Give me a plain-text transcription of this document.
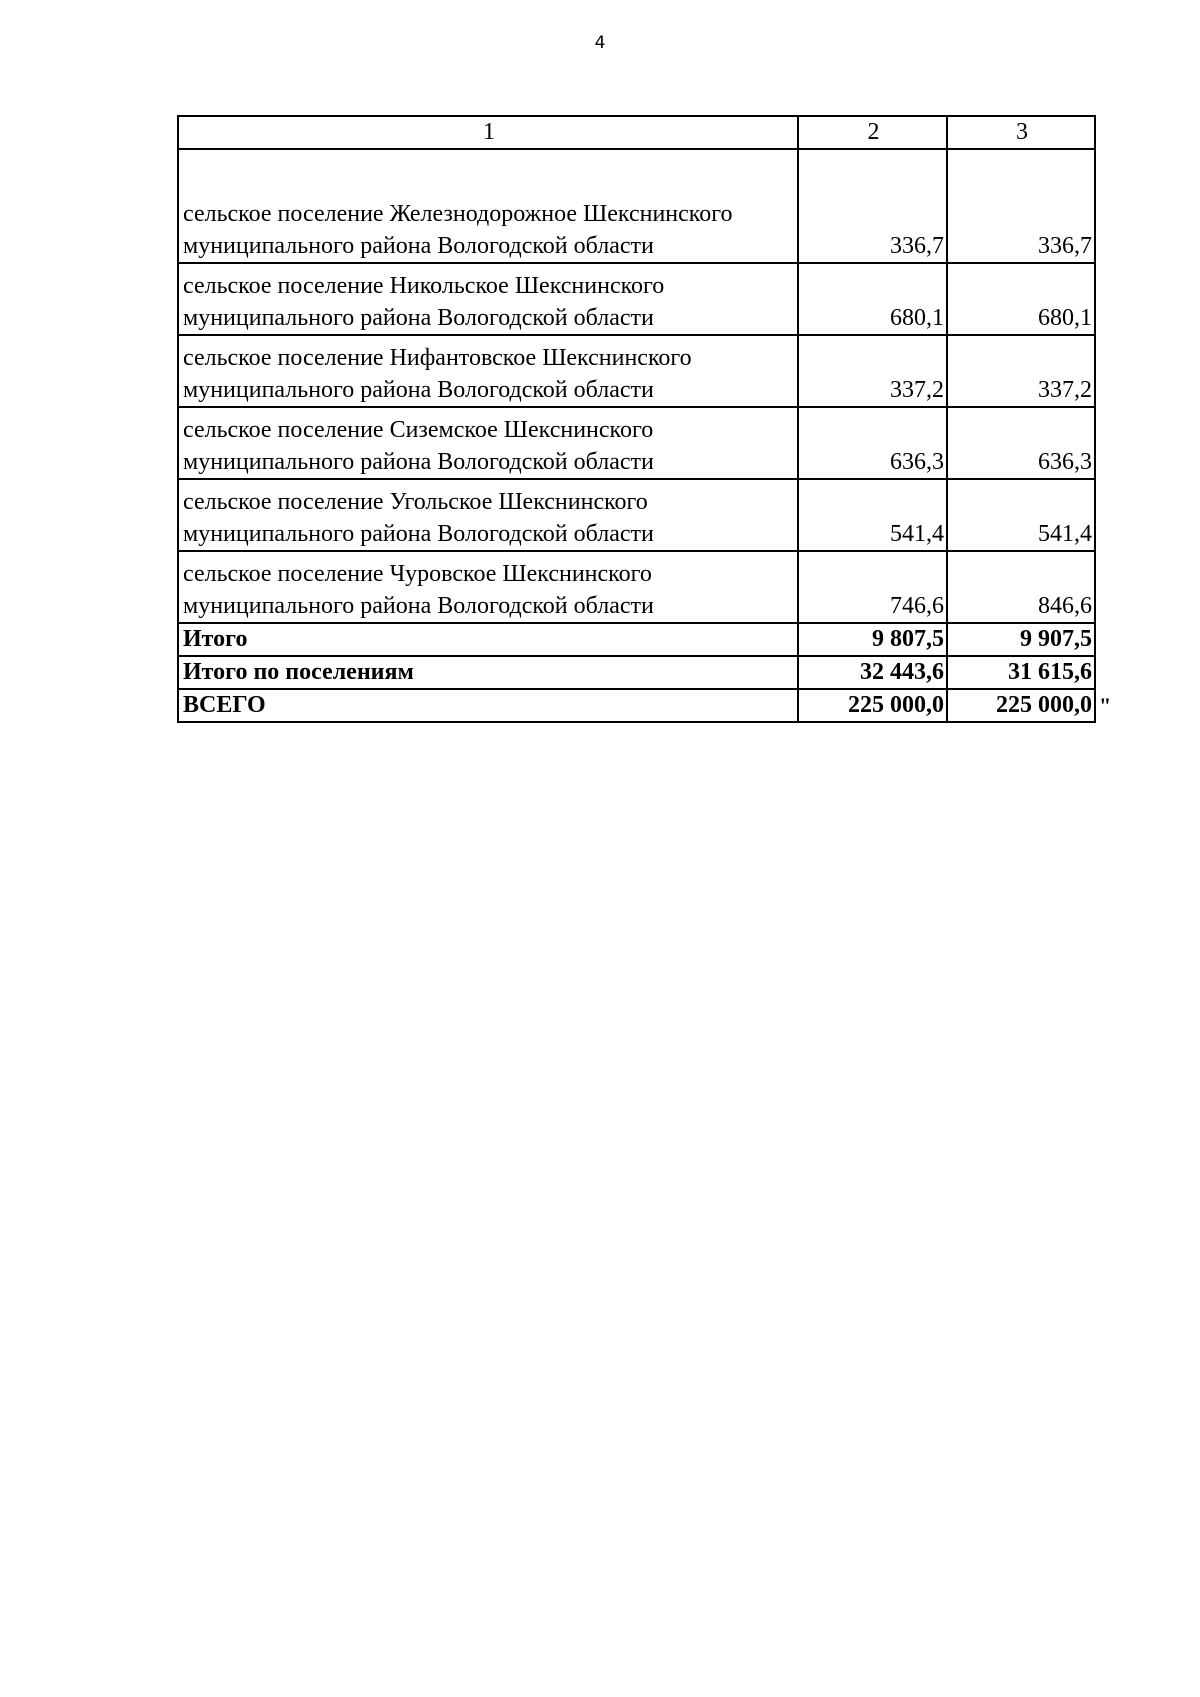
4
1	2	3
сельское поселение Железнодорожное Шекснинского муниципального района Вологодской области	336,7	336,7
сельское поселение Никольское Шекснинского муниципального района Вологодской области	680,1	680,1
сельское поселение Нифантовское Шекснинского муниципального района Вологодской области	337,2	337,2
сельское поселение Сиземское Шекснинского муниципального района Вологодской области	636,3	636,3
сельское поселение Угольское Шекснинского муниципального района Вологодской области	541,4	541,4
сельское поселение Чуровское Шекснинского муниципального района Вологодской области	746,6	846,6
Итого	9 807,5	9 907,5
Итого по поселениям	32 443,6	31 615,6
ВСЕГО	225 000,0	225 000,0 "
